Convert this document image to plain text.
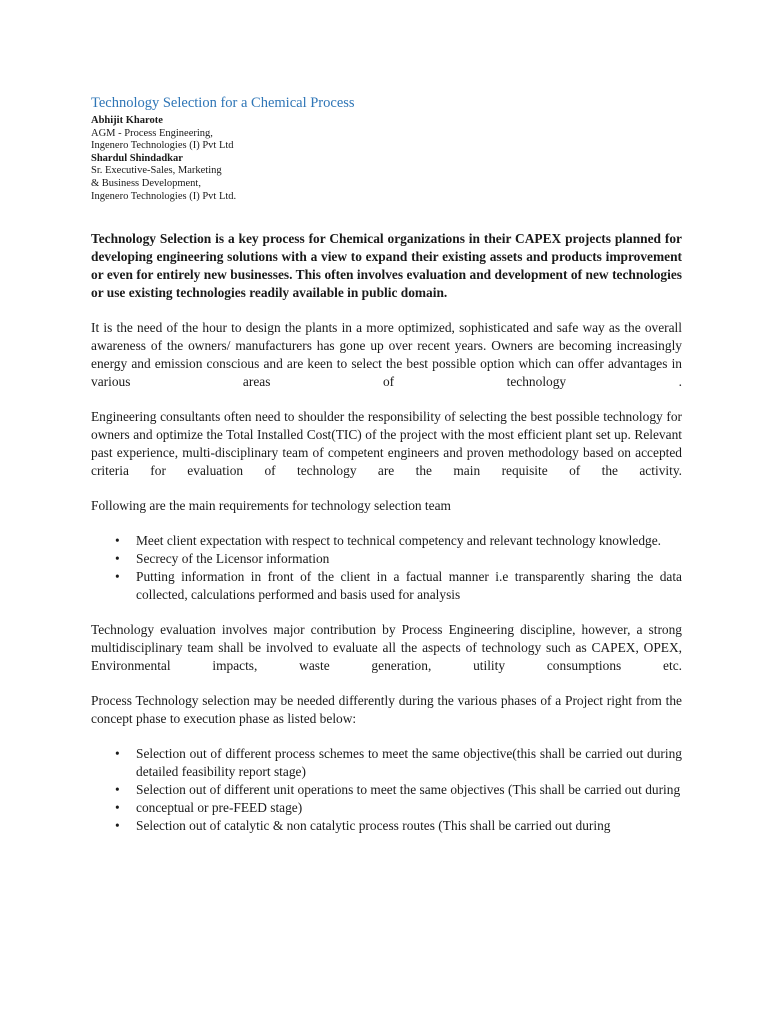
Technology Selection for a Chemical Process
Abhijit Kharote
AGM - Process Engineering,
Ingenero Technologies (I) Pvt Ltd
Shardul Shindadkar
Sr. Executive-Sales, Marketing
& Business Development,
Ingenero Technologies (I) Pvt Ltd.

Technology Selection is a key process for Chemical organizations in their CAPEX projects planned for developing engineering solutions with a view to expand their existing assets and products improvement or even for entirely new businesses. This often involves evaluation and development of new technologies or use existing technologies readily available in public domain.

It is the need of the hour to design the plants in a more optimized, sophisticated and safe way as the overall awareness of the owners/ manufacturers has gone up over recent years. Owners are becoming increasingly energy and emission conscious and are keen to select the best possible option which can offer advantages in various areas of technology .

Engineering consultants often need to shoulder the responsibility of selecting the best possible technology for owners and optimize the Total Installed Cost(TIC) of the project with the most efficient plant set up. Relevant past experience, multi-disciplinary team of competent engineers and proven methodology based on accepted criteria for evaluation of technology are the main requisite of the activity.

Following are the main requirements for technology selection team

•	Meet client expectation with respect to technical competency and relevant technology knowledge.
•	Secrecy of the Licensor information
•	Putting information in front of the client in a factual manner i.e transparently sharing the data collected, calculations performed and basis used for analysis

Technology evaluation involves major contribution by Process Engineering discipline, however, a strong multidisciplinary team shall be involved to evaluate all the aspects of technology such as CAPEX, OPEX, Environmental impacts, waste generation, utility consumptions etc.

Process Technology selection may be needed differently during the various phases of a Project right from the concept phase to execution phase as listed below:

•	Selection out of different process schemes to meet the same objective(this shall be carried out during detailed feasibility report stage)
•	Selection out of different unit operations to meet the same objectives (This shall be carried out during
•	conceptual or pre-FEED stage)
•	Selection out of catalytic & non catalytic process routes (This shall be carried out during
